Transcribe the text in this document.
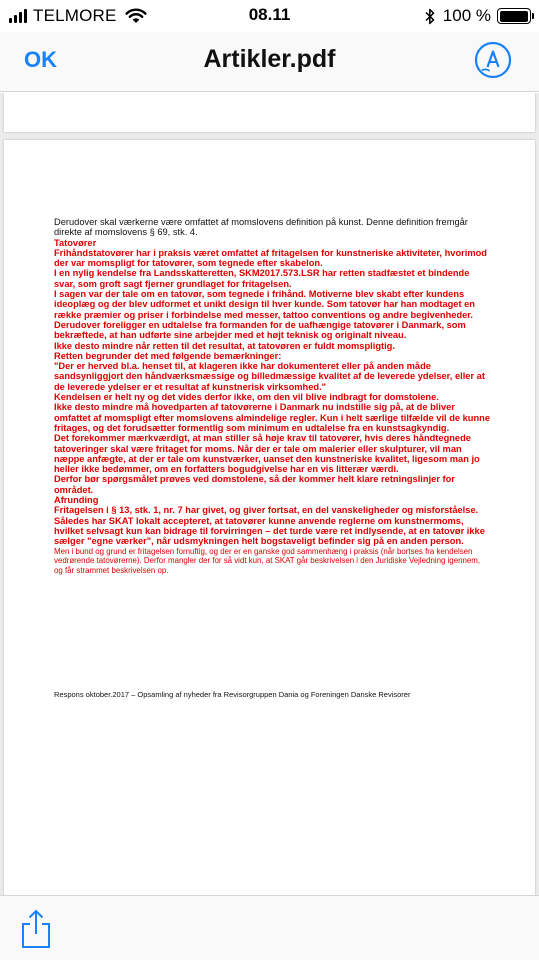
TELMORE	08.11	100 %
OK	Artikler.pdf
Derudover skal værkerne være omfattet af momslovens definition på kunst. Denne definition fremgår direkte af momslovens § 69, stk. 4.
Tatovører
Frihåndstatovører har i praksis været omfattet af fritagelsen for kunstneriske aktiviteter, hvorimod der var momspligt for tatovører, som tegnede efter skabelon.
I en nylig kendelse fra Landsskatteretten, SKM2017.573.LSR har retten stadfæstet et bindende svar, som groft sagt fjerner grundlaget for fritagelsen.
I sagen var der tale om en tatovør, som tegnede i frihånd. Motiverne blev skabt efter kundens ideoplæg og der blev udformet et unikt design til hver kunde. Som tatovør har han modtaget en række præmier og priser i forbindelse med messer, tattoo conventions og andre begivenheder. Derudover foreligger en udtalelse fra formanden for de uafhængige tatovører i Danmark, som bekræftede, at han udførte sine arbejder med et højt teknisk og originalt niveau.
Ikke desto mindre når retten til det resultat, at tatovøren er fuldt momspligtig.
Retten begrunder det med følgende bemærkninger:
"Der er herved bl.a. henset til, at klageren ikke har dokumenteret eller på anden måde sandsynliggjort den håndværksmæssige og billedmæssige kvalitet af de leverede ydelser, eller at de leverede ydelser er et resultat af kunstnerisk virksomhed."
Kendelsen er helt ny og det vides derfor ikke, om den vil blive indbragt for domstolene.
Ikke desto mindre må hovedparten af tatovørerne i Danmark nu indstille sig på, at de bliver omfattet af momspligt efter momslovens almindelige regler. Kun i helt særlige tilfælde vil de kunne fritages, og det forudsætter formentlig som minimum en udtalelse fra en kunstsagkyndig.
Det forekommer mærkværdigt, at man stiller så høje krav til tatovører, hvis deres håndtegnede tatoveringer skal være fritaget for moms. Når der er tale om malerier eller skulpturer, vil man næppe anfægte, at der er tale om kunstværker, uanset den kunstneriske kvalitet, ligesom man jo heller ikke bedømmer, om en forfatters bogudgivelse har en vis litterær værdi.
Derfor bør spørgsmålet prøves ved domstolene, så der kommer helt klare retningslinjer for området.
Afrunding
Fritagelsen i § 13, stk. 1, nr. 7 har givet, og giver fortsat, en del vanskeligheder og misforståelse. Således har SKAT lokalt accepteret, at tatovører kunne anvende reglerne om kunstnermoms, hvilket selvsagt kun kan bidrage til forvirringen – det turde være ret indlysende, at en tatovør ikke sælger "egne værker", når udsmykningen helt bogstaveligt befinder sig på en anden person.
Men i bund og grund er fritagelsen fornuftig, og der er en ganske god sammenhæng i praksis (når bortses fra kendelsen vedrørende tatovørerne). Derfor mangler der for så vidt kun, at SKAT går beskrivelsen i den Juridiske Vejledning igennem, og får strammet beskrivelsen op.
Respons oktober.2017 – Opsamling af nyheder fra Revisorgruppen Dania og Foreningen Danske Revisorer
